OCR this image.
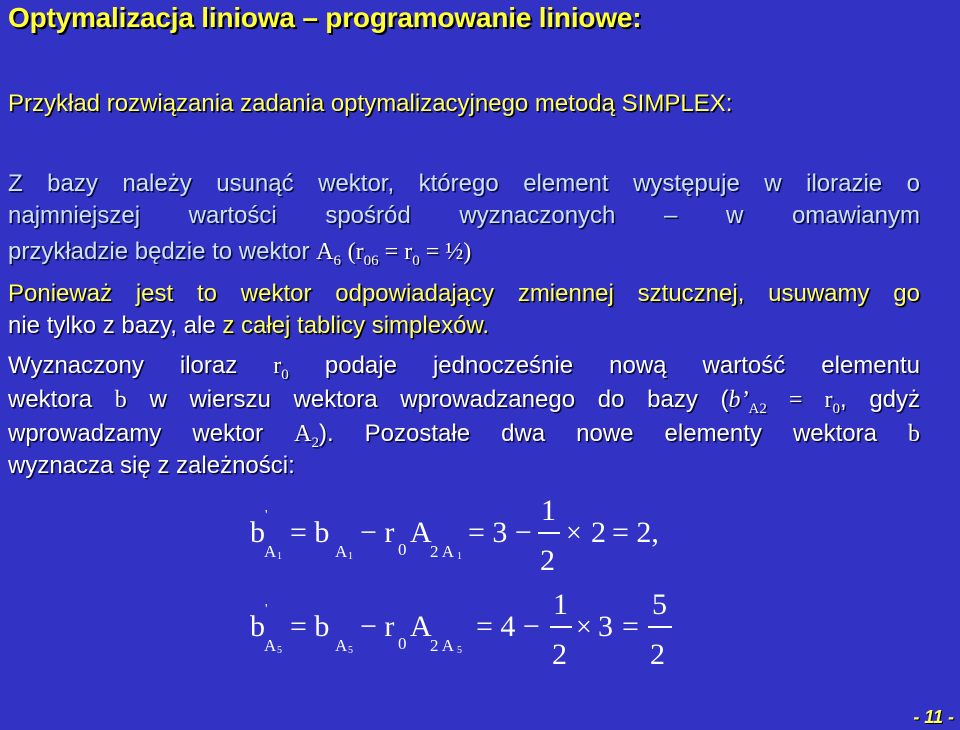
Optymalizacja liniowa – programowanie liniowe:
Przykład rozwiązania zadania optymalizacyjnego metodą SIMPLEX:
Z bazy należy usunąć wektor, którego element występuje w ilorazie o
najmniejszej wartości spośród wyznaczonych – w omawianym
przykładzie będzie to wektor $A_6$ ($r_{06} = r_0$ = ½)
Ponieważ jest to wektor odpowiadający zmiennej sztucznej, usuwamy go
nie tylko z bazy, ale z całej tablicy simplexów.
Wyznaczony iloraz $r_0$ podaje jednocześnie nową wartość elementu
wektora b w wierszu wektora wprowadzanego do bazy ($b’_{A2} = r_0$, gdyż
wprowadzamy wektor $A_2$). Pozostałe dwa nowe elementy wektora b
wyznacza się z zależności:
b
'
A 1
= b
A 1
− r
0
A
2 A 1
= 3 −
1
2
× 2 = 2,
b
'
A 5
= b
A 5
− r
0
A
2 A 5
= 4 −
1
2
× 3 =
5
2
- 11 -
